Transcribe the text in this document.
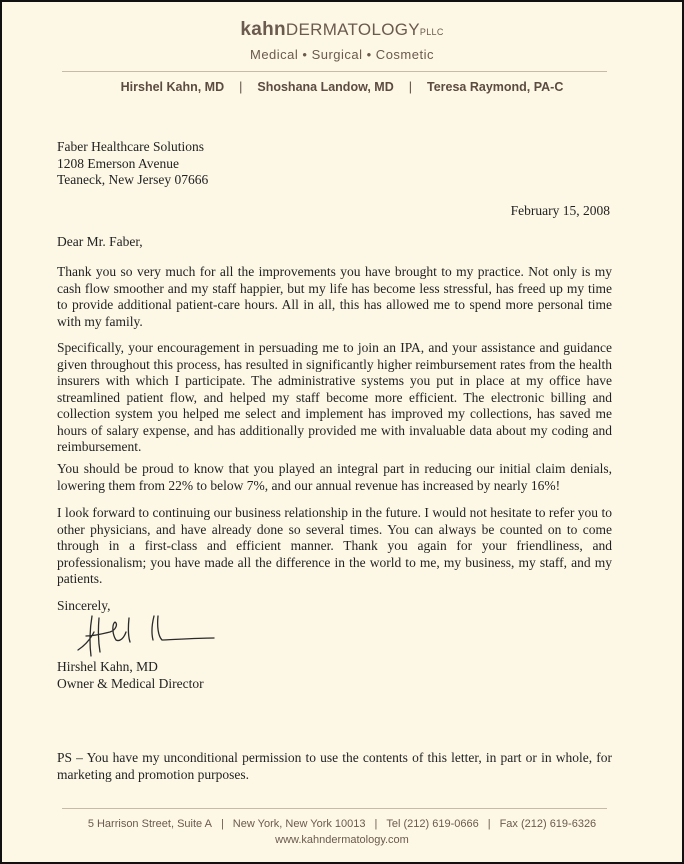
kahnDERMATOLOGYPLLC
Medical • Surgical • Cosmetic
Hirshel Kahn, MD | Shoshana Landow, MD | Teresa Raymond, PA-C
Faber Healthcare Solutions
1208 Emerson Avenue
Teaneck, New Jersey 07666
February 15, 2008
Dear Mr. Faber,
Thank you so very much for all the improvements you have brought to my practice. Not only is my cash flow smoother and my staff happier, but my life has become less stressful, has freed up my time to provide additional patient-care hours. All in all, this has allowed me to spend more personal time with my family.
Specifically, your encouragement in persuading me to join an IPA, and your assistance and guidance given throughout this process, has resulted in significantly higher reimbursement rates from the health insurers with which I participate. The administrative systems you put in place at my office have streamlined patient flow, and helped my staff become more efficient. The electronic billing and collection system you helped me select and implement has improved my collections, has saved me hours of salary expense, and has additionally provided me with invaluable data about my coding and reimbursement.
You should be proud to know that you played an integral part in reducing our initial claim denials, lowering them from 22% to below 7%, and our annual revenue has increased by nearly 16%!
I look forward to continuing our business relationship in the future. I would not hesitate to refer you to other physicians, and have already done so several times. You can always be counted on to come through in a first-class and efficient manner. Thank you again for your friendliness, and professionalism; you have made all the difference in the world to me, my business, my staff, and my patients.
Sincerely,
Hirshel Kahn, MD
Owner & Medical Director
PS – You have my unconditional permission to use the contents of this letter, in part or in whole, for marketing and promotion purposes.
5 Harrison Street, Suite A | New York, New York 10013 | Tel (212) 619-0666 | Fax (212) 619-6326
www.kahndermatology.com
